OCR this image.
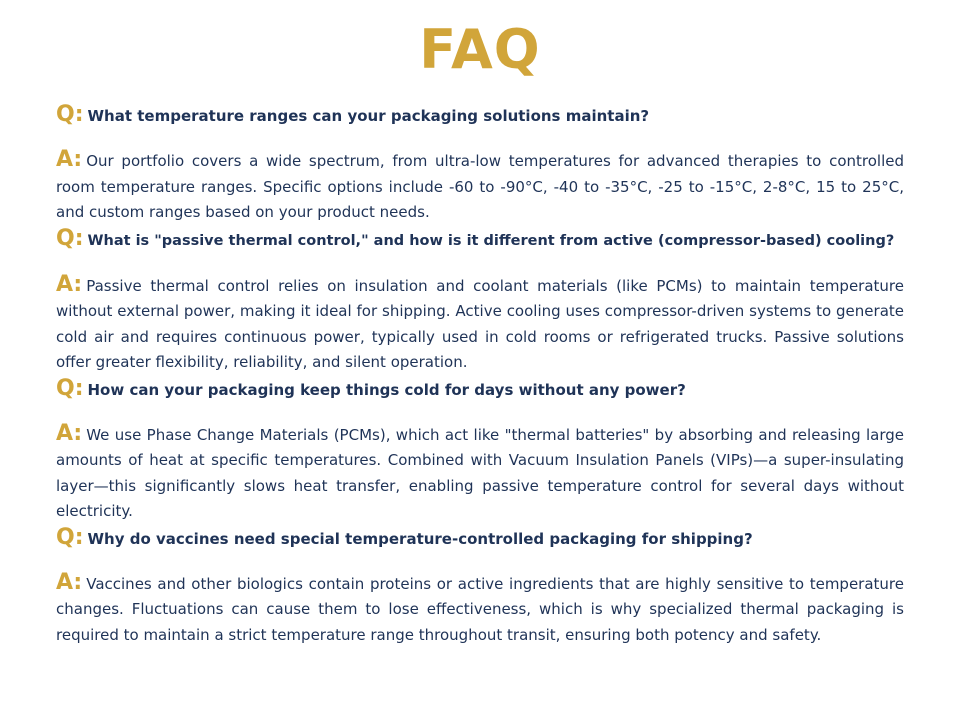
FAQ

Q: What temperature ranges can your packaging solutions maintain?

A: Our portfolio covers a wide spectrum, from ultra-low temperatures for advanced therapies to controlled room temperature ranges. Specific options include -60 to -90°C, -40 to -35°C, -25 to -15°C, 2-8°C, 15 to 25°C, and custom ranges based on your product needs.

Q: What is "passive thermal control," and how is it different from active (compressor-based) cooling?

A: Passive thermal control relies on insulation and coolant materials (like PCMs) to maintain temperature without external power, making it ideal for shipping. Active cooling uses compressor-driven systems to generate cold air and requires continuous power, typically used in cold rooms or refrigerated trucks. Passive solutions offer greater flexibility, reliability, and silent operation.

Q: How can your packaging keep things cold for days without any power?

A: We use Phase Change Materials (PCMs), which act like "thermal batteries" by absorbing and releasing large amounts of heat at specific temperatures. Combined with Vacuum Insulation Panels (VIPs)—a super-insulating layer—this significantly slows heat transfer, enabling passive temperature control for several days without electricity.

Q: Why do vaccines need special temperature-controlled packaging for shipping?

A: Vaccines and other biologics contain proteins or active ingredients that are highly sensitive to temperature changes. Fluctuations can cause them to lose effectiveness, which is why specialized thermal packaging is required to maintain a strict temperature range throughout transit, ensuring both potency and safety.
